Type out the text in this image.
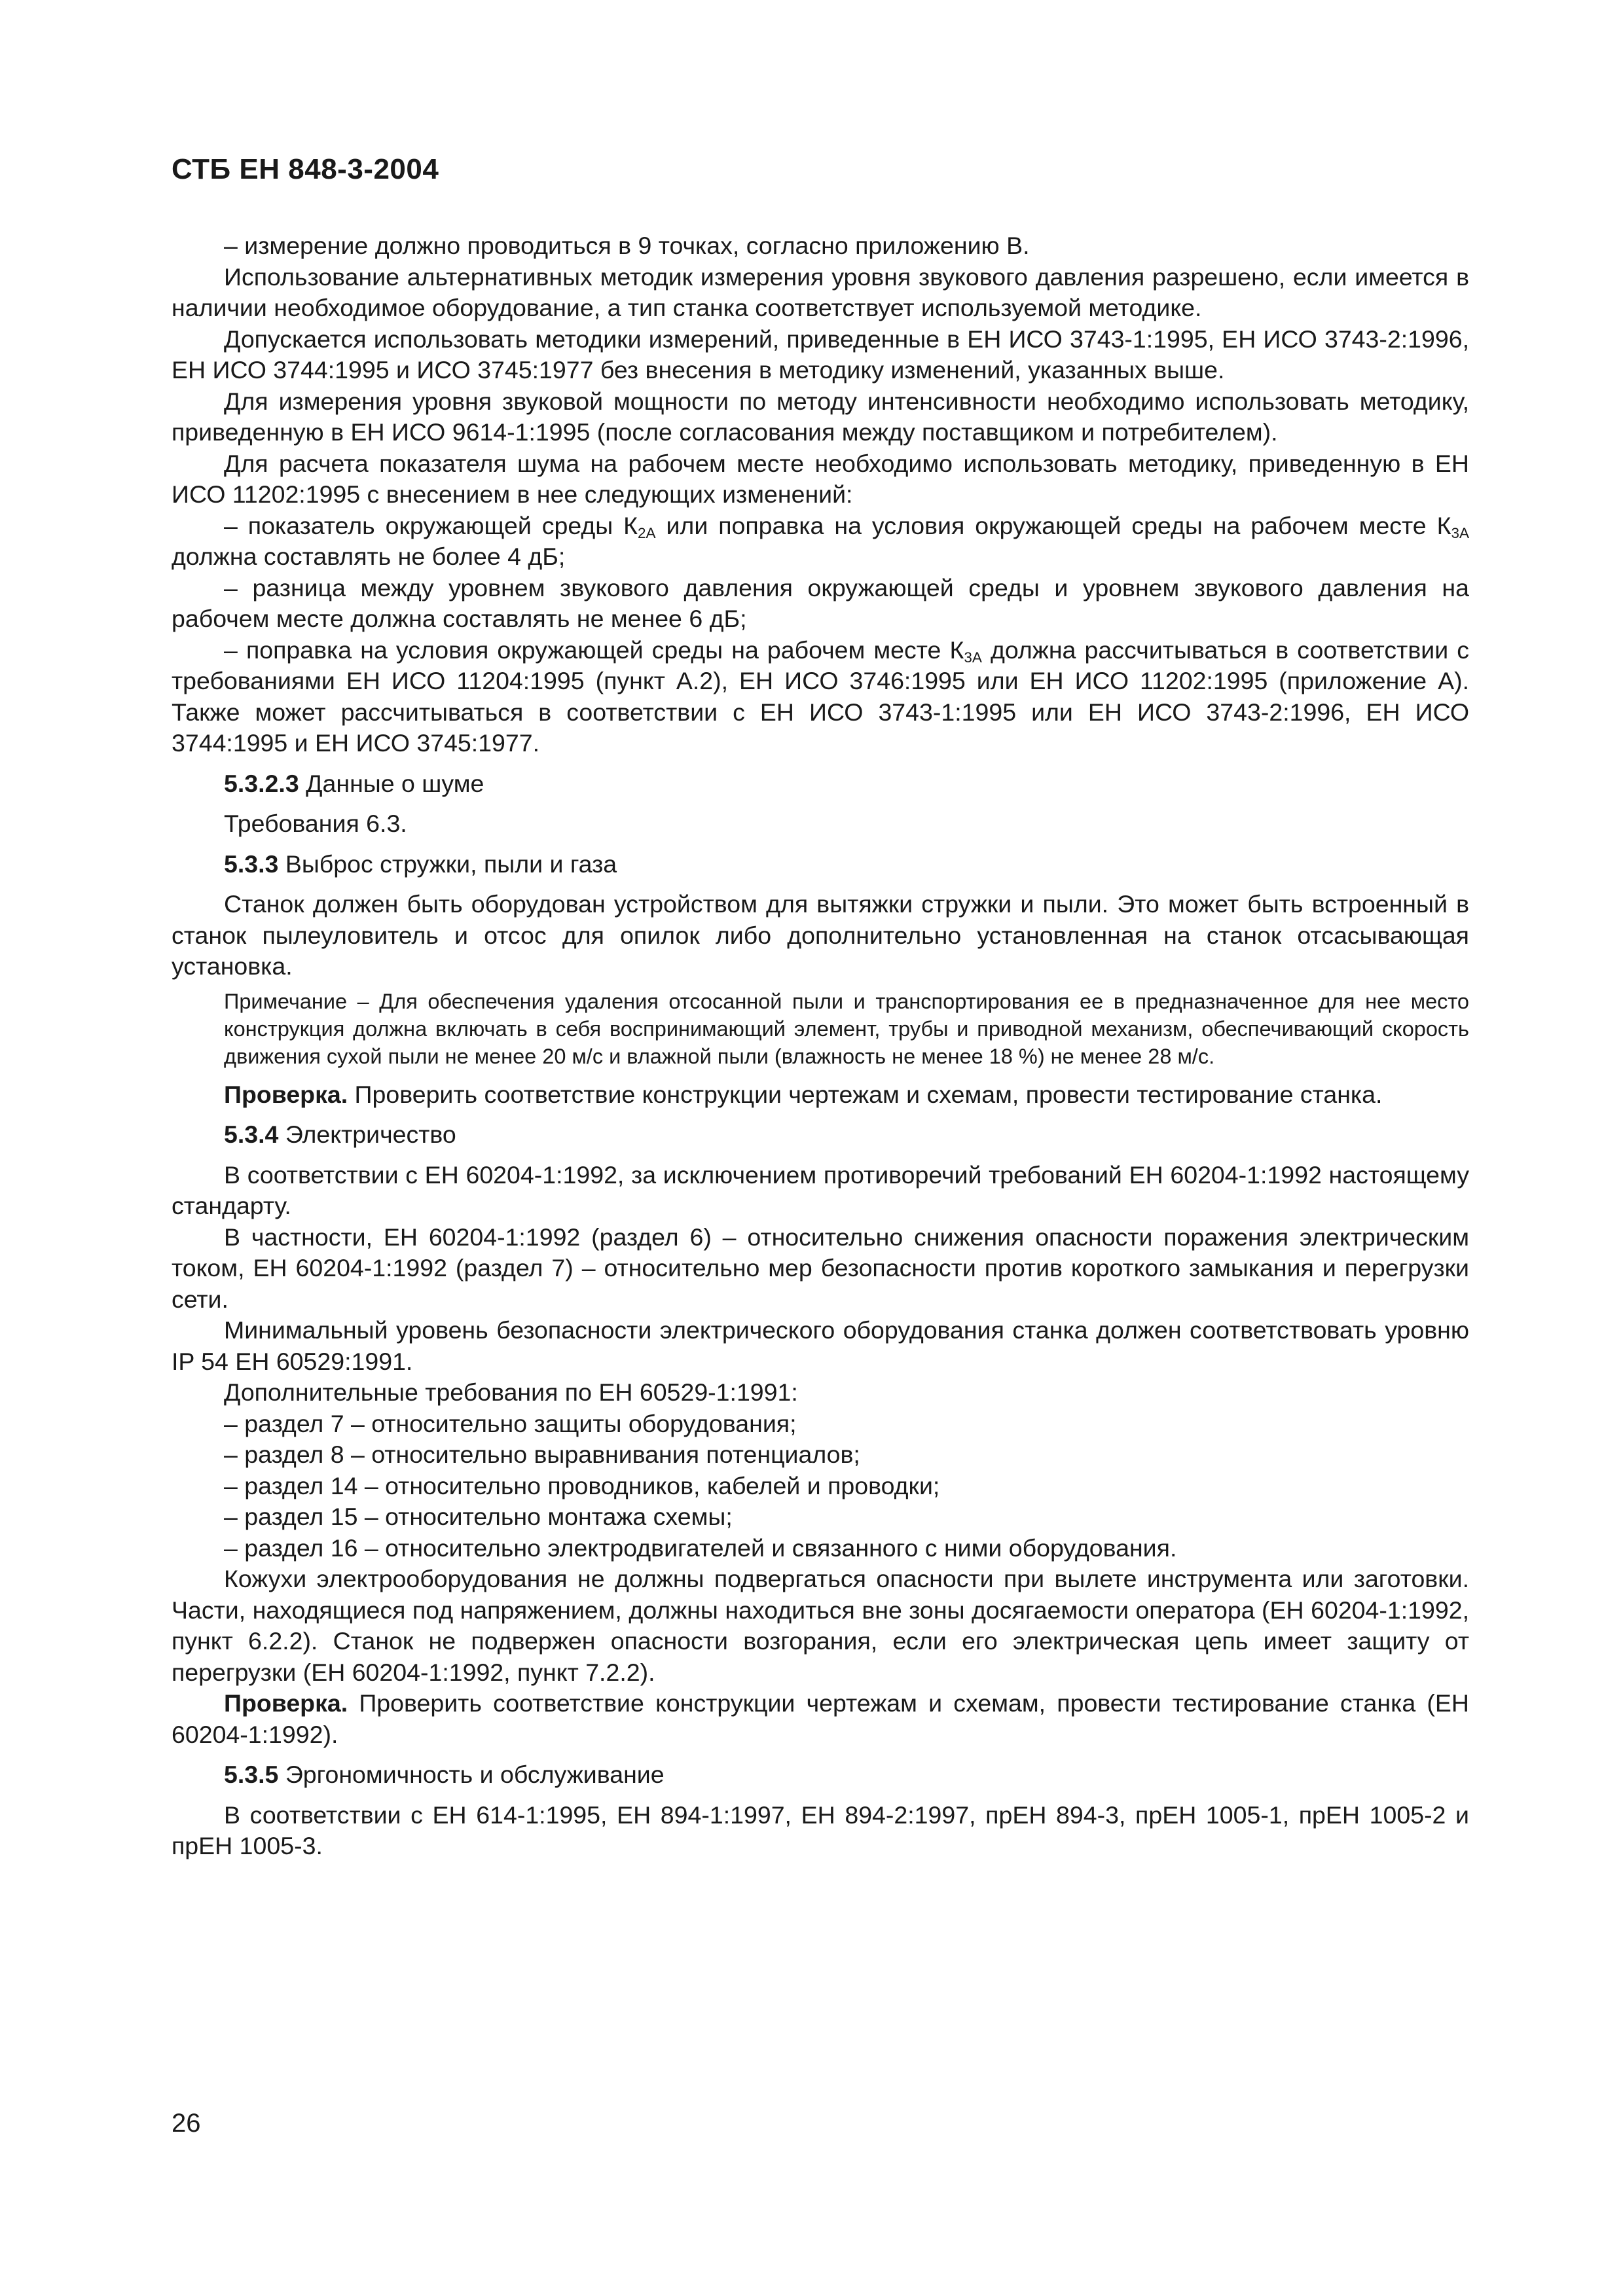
СТБ ЕН 848-3-2004

– измерение должно проводиться в 9 точках, согласно приложению В.

Использование альтернативных методик измерения уровня звукового давления разрешено, если имеется в наличии необходимое оборудование, а тип станка соответствует используемой методике.

Допускается использовать методики измерений, приведенные в ЕН ИСО 3743-1:1995, ЕН ИСО 3743-2:1996, ЕН ИСО 3744:1995 и ИСО 3745:1977 без внесения в методику изменений, указанных выше.

Для измерения уровня звуковой мощности по методу интенсивности необходимо использовать методику, приведенную в ЕН ИСО 9614-1:1995 (после согласования между поставщиком и потребителем).

Для расчета показателя шума на рабочем месте необходимо использовать методику, приведенную в ЕН ИСО 11202:1995 с внесением в нее следующих изменений:

– показатель окружающей среды $К_{2А}$ или поправка на условия окружающей среды на рабочем месте $К_{3А}$ должна составлять не более 4 дБ;

– разница между уровнем звукового давления окружающей среды и уровнем звукового давления на рабочем месте должна составлять не менее 6 дБ;

– поправка на условия окружающей среды на рабочем месте $К_{3А}$ должна рассчитываться в соответствии с требованиями ЕН ИСО 11204:1995 (пункт А.2), ЕН ИСО 3746:1995 или ЕН ИСО 11202:1995 (приложение А). Также может рассчитываться в соответствии с ЕН ИСО 3743-1:1995 или ЕН ИСО 3743-2:1996, ЕН ИСО 3744:1995 и ЕН ИСО 3745:1977.

5.3.2.3 Данные о шуме

Требования 6.3.

5.3.3 Выброс стружки, пыли и газа

Станок должен быть оборудован устройством для вытяжки стружки и пыли. Это может быть встроенный в станок пылеуловитель и отсос для опилок либо дополнительно установленная на станок отсасывающая установка.

Примечание – Для обеспечения удаления отсосанной пыли и транспортирования ее в предназначенное для нее место конструкция должна включать в себя воспринимающий элемент, трубы и приводной механизм, обеспечивающий скорость движения сухой пыли не менее 20 м/с и влажной пыли (влажность не менее 18 %) не менее 28 м/с.

Проверка. Проверить соответствие конструкции чертежам и схемам, провести тестирование станка.

5.3.4 Электричество

В соответствии с ЕН 60204-1:1992, за исключением противоречий требований ЕН 60204-1:1992 настоящему стандарту.

В частности, ЕН 60204-1:1992 (раздел 6) – относительно снижения опасности поражения электрическим током, ЕН 60204-1:1992 (раздел 7) – относительно мер безопасности против короткого замыкания и перегрузки сети.

Минимальный уровень безопасности электрического оборудования станка должен соответствовать уровню IP 54 ЕН 60529:1991.

Дополнительные требования по ЕН 60529-1:1991:

– раздел 7 – относительно защиты оборудования;

– раздел 8 – относительно выравнивания потенциалов;

– раздел 14 – относительно проводников, кабелей и проводки;

– раздел 15 – относительно монтажа схемы;

– раздел 16 – относительно электродвигателей и связанного с ними оборудования.

Кожухи электрооборудования не должны подвергаться опасности при вылете инструмента или заготовки. Части, находящиеся под напряжением, должны находиться вне зоны досягаемости оператора (ЕН 60204-1:1992, пункт 6.2.2). Станок не подвержен опасности возгорания, если его электрическая цепь имеет защиту от перегрузки (ЕН 60204-1:1992, пункт 7.2.2).

Проверка. Проверить соответствие конструкции чертежам и схемам, провести тестирование станка (ЕН 60204-1:1992).

5.3.5 Эргономичность и обслуживание

В соответствии с ЕН 614-1:1995, ЕН 894-1:1997, ЕН 894-2:1997, прЕН 894-3, прЕН 1005-1, прЕН 1005-2 и прЕН 1005-3.

26
